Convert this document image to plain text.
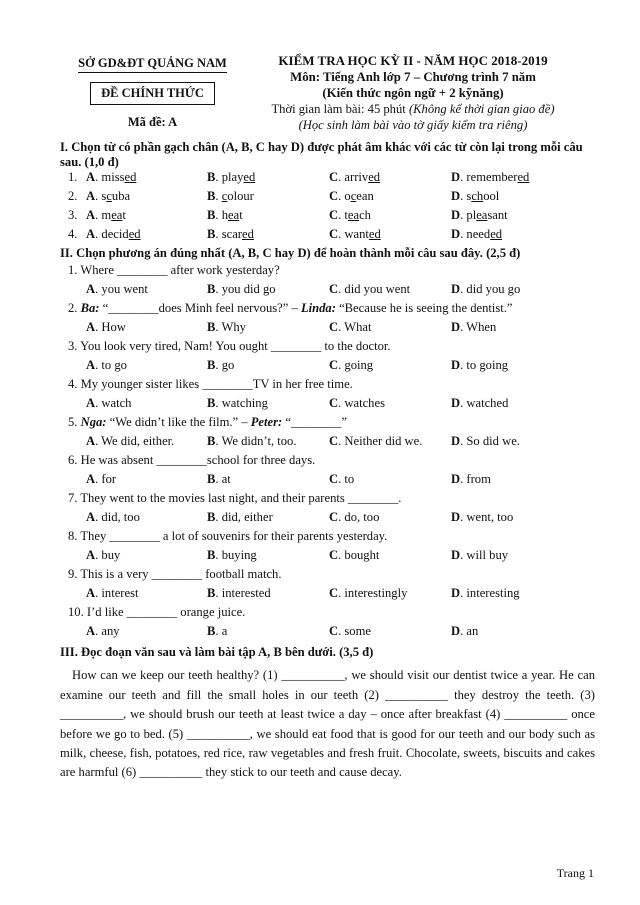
SỞ GD&ĐT QUẢNG NAM
ĐỀ CHÍNH THỨC
Mã đề: A
KIỂM TRA HỌC KỲ II - NĂM HỌC 2018-2019
Môn: Tiếng Anh lớp 7 – Chương trình 7 năm
(Kiến thức ngôn ngữ + 2 kỹnăng)
Thời gian làm bài: 45 phút (Không kể thời gian giao đề)
(Học sinh làm bài vào tờ giấy kiểm tra riêng)
I. Chọn từ có phần gạch chân (A, B, C hay D) được phát âm khác với các từ còn lại trong mỗi câu sau. (1,0 đ)
1. A. missed	B. played	C. arrived	D. remembered
2. A. scuba	B. colour	C. ocean	D. school
3. A. meat	B. heat	C. teach	D. pleasant
4. A. decided	B. scared	C. wanted	D. needed
II. Chọn phương án đúng nhất (A, B, C hay D) để hoàn thành mỗi câu sau đây. (2,5 đ)
1. Where ________ after work yesterday?
A. you went	B. you did go	C. did you went	D. did you go
2. Ba: “________does Minh feel nervous?” – Linda: “Because he is seeing the dentist.”
A. How	B. Why	C. What	D. When
3. You look very tired, Nam! You ought ________ to the doctor.
A. to go	B. go	C. going	D. to going
4. My younger sister likes ________TV in her free time.
A. watch	B. watching	C. watches	D. watched
5. Nga: “We didn’t like the film.” – Peter: “________”
A. We did, either.	B. We didn’t, too.	C. Neither did we. D. So did we.
6. He was absent ________school for three days.
A. for	B. at	C. to	D. from
7. They went to the movies last night, and their parents ________.
A. did, too	B. did, either	C. do, too	D. went, too
8. They ________ a lot of souvenirs for their parents yesterday.
A. buy	B. buying	C. bought	D. will buy
9. This is a very ________ football match.
A. interest	B. interested	C. interestingly	D. interesting
10. I’d like ________ orange juice.
A. any	B. a	C. some	D. an
III. Đọc đoạn văn sau và làm bài tập A, B bên dưới. (3,5 đ)
How can we keep our teeth healthy? (1) __________, we should visit our dentist twice a year. He can examine our teeth and fill the small holes in our teeth (2) __________ they destroy the teeth. (3) __________, we should brush our teeth at least twice a day – once after breakfast (4) __________ once before we go to bed. (5) __________, we should eat food that is good for our teeth and our body such as milk, cheese, fish, potatoes, red rice, raw vegetables and fresh fruit. Chocolate, sweets, biscuits and cakes are harmful (6) __________ they stick to our teeth and cause decay.
Trang 1
